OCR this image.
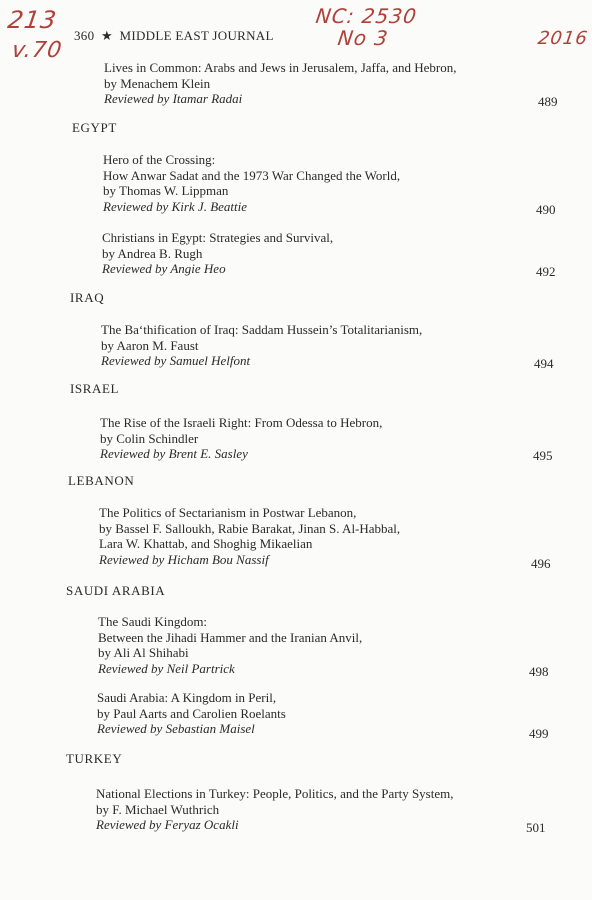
213
v.70
NC: 2530
No 3	2016
360 ★ MIDDLE EAST JOURNAL
Lives in Common: Arabs and Jews in Jerusalem, Jaffa, and Hebron,
by Menachem Klein
Reviewed by Itamar Radai	489
EGYPT
Hero of the Crossing:
How Anwar Sadat and the 1973 War Changed the World,
by Thomas W. Lippman
Reviewed by Kirk J. Beattie	490
Christians in Egypt: Strategies and Survival,
by Andrea B. Rugh
Reviewed by Angie Heo	492
IRAQ
The Ba‘thification of Iraq: Saddam Hussein’s Totalitarianism,
by Aaron M. Faust
Reviewed by Samuel Helfont	494
ISRAEL
The Rise of the Israeli Right: From Odessa to Hebron,
by Colin Schindler
Reviewed by Brent E. Sasley	495
LEBANON
The Politics of Sectarianism in Postwar Lebanon,
by Bassel F. Salloukh, Rabie Barakat, Jinan S. Al-Habbal,
Lara W. Khattab, and Shoghig Mikaelian
Reviewed by Hicham Bou Nassif	496
SAUDI ARABIA
The Saudi Kingdom:
Between the Jihadi Hammer and the Iranian Anvil,
by Ali Al Shihabi
Reviewed by Neil Partrick	498
Saudi Arabia: A Kingdom in Peril,
by Paul Aarts and Carolien Roelants
Reviewed by Sebastian Maisel	499
TURKEY
National Elections in Turkey: People, Politics, and the Party System,
by F. Michael Wuthrich
Reviewed by Feryaz Ocakli	501
